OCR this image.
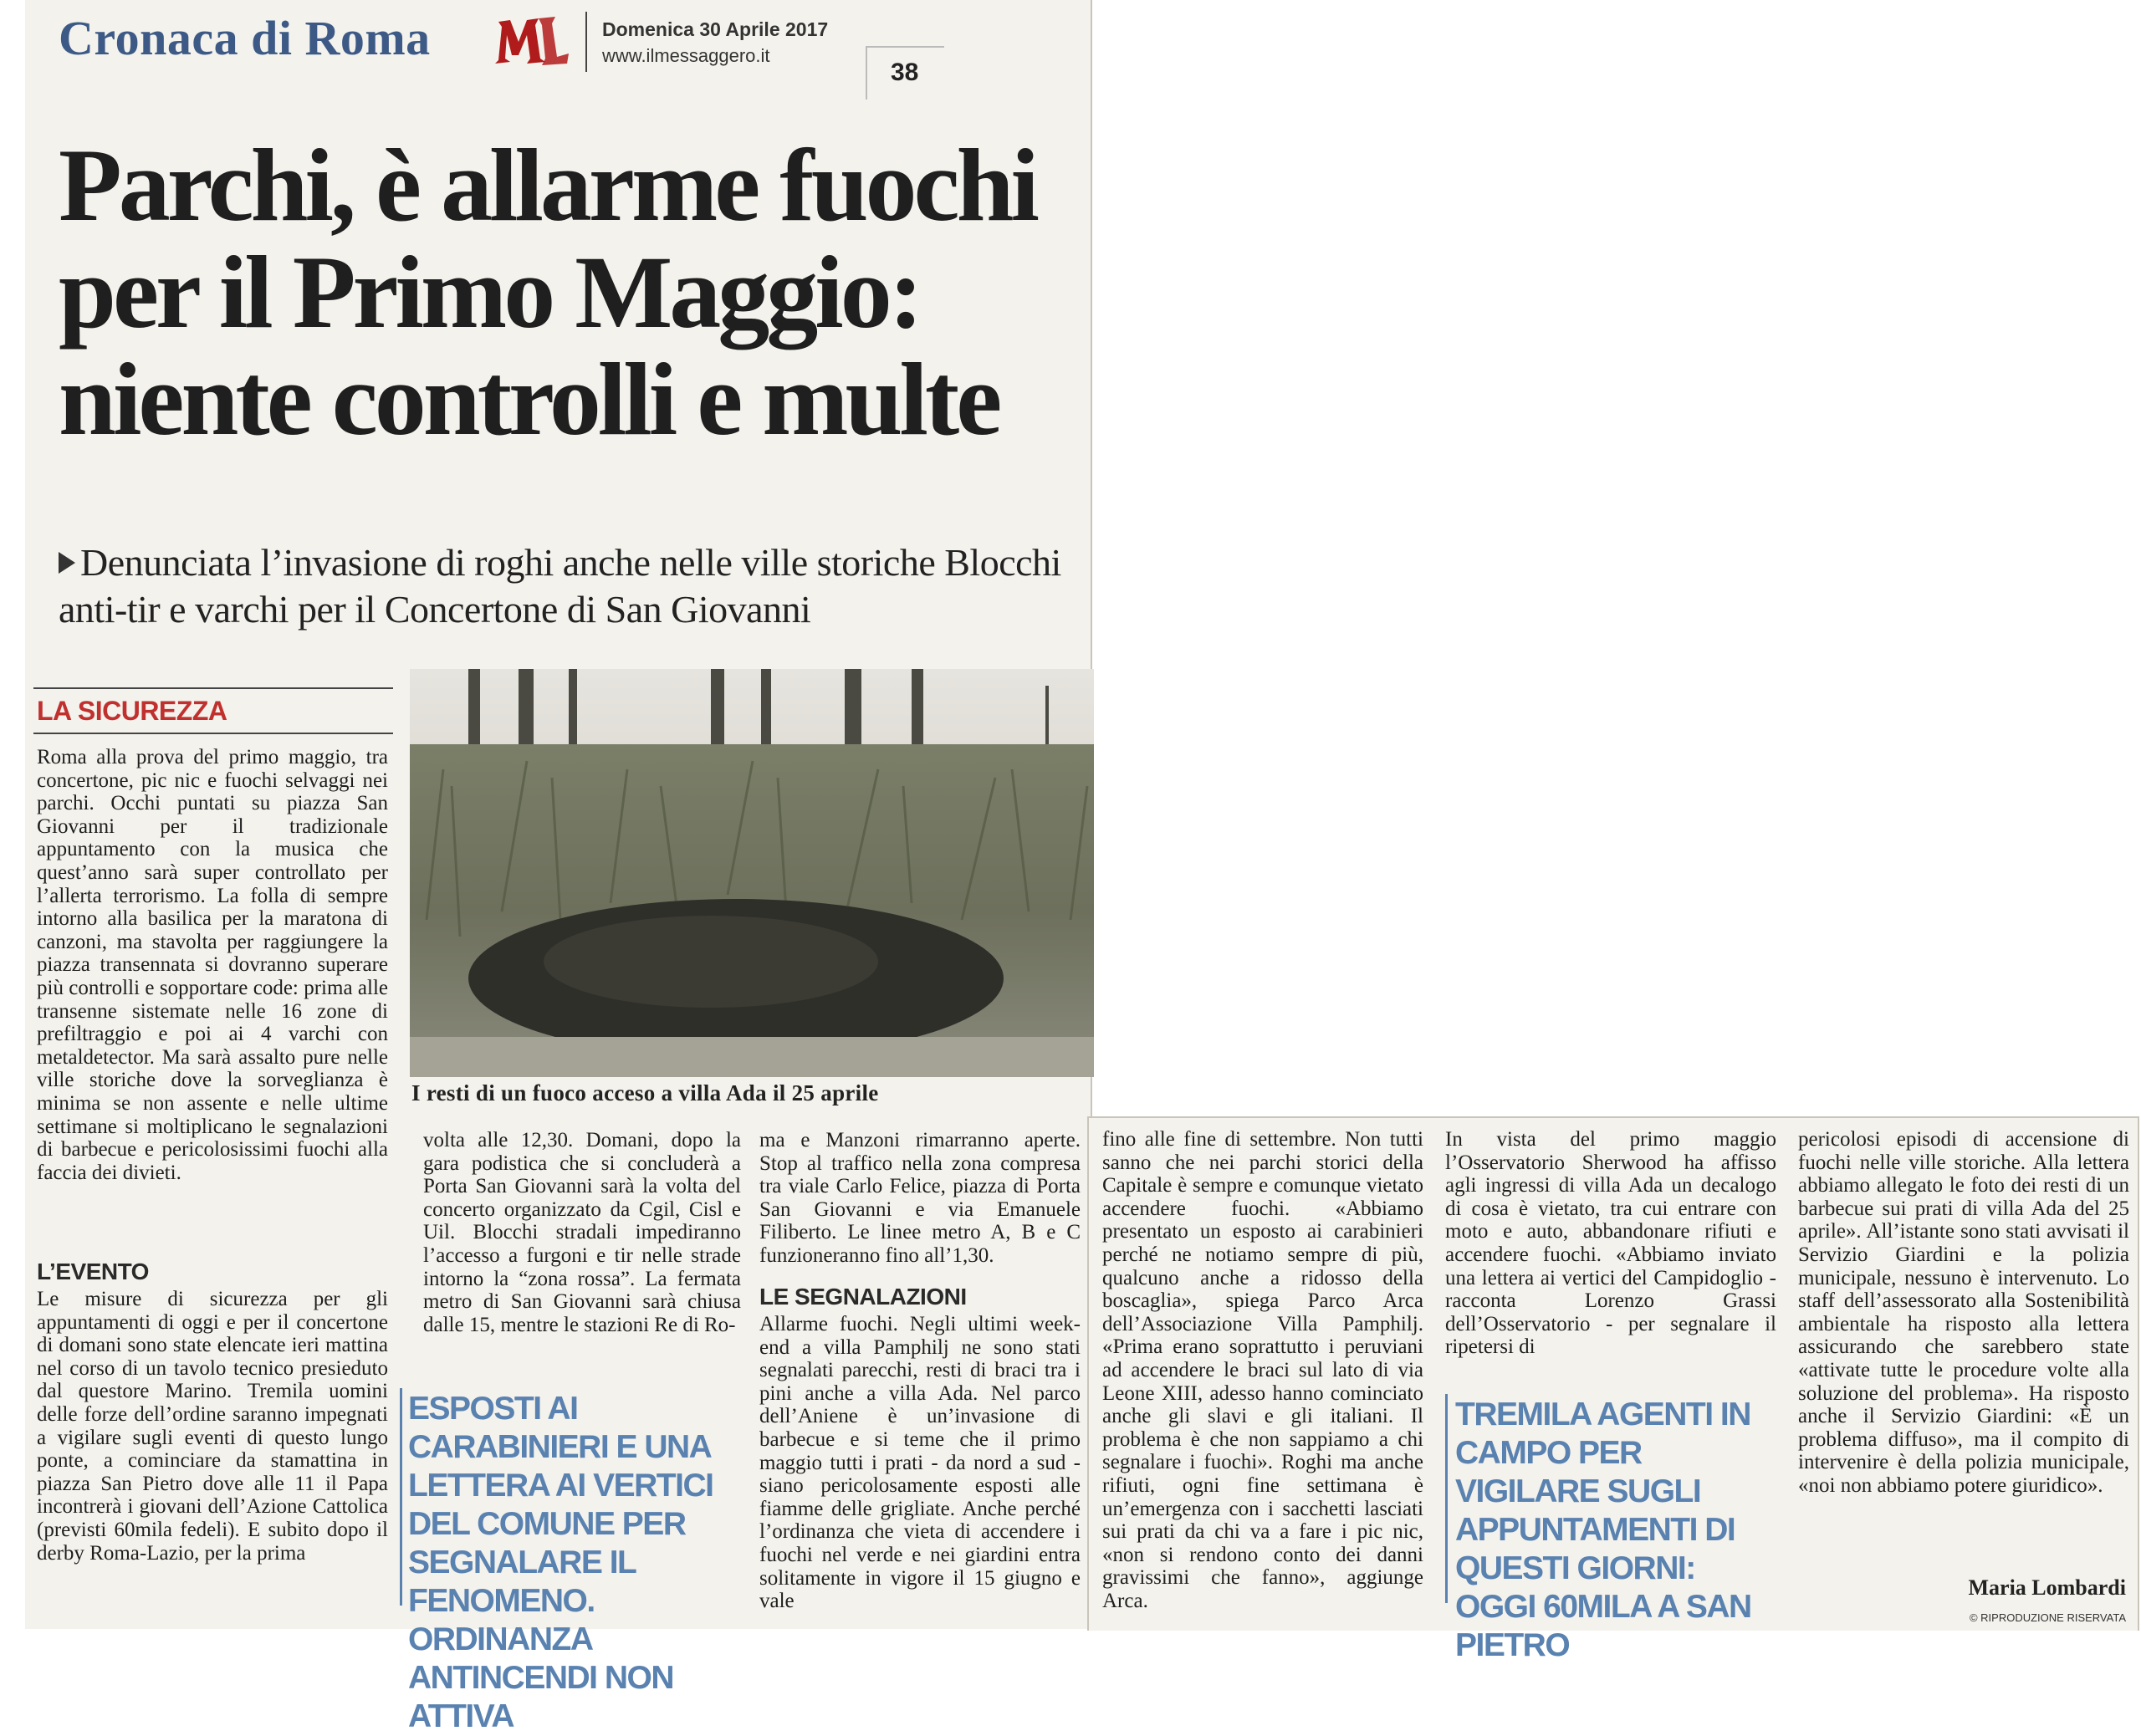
Cronaca di Roma	Domenica 30 Aprile 2017
www.ilmessaggero.it
38
Parchi, è allarme fuochi per il Primo Maggio: niente controlli e multe

Denunciata l’invasione di roghi anche nelle ville storiche Blocchi anti-tir e varchi per il Concertone di San Giovanni

LA SICUREZZA

Roma alla prova del primo maggio, tra concertone, pic nic e fuochi selvaggi nei parchi. Occhi puntati su piazza San Giovanni per il tradizionale appuntamento con la musica che quest’anno sarà super controllato per l’allerta terrorismo. La folla di sempre intorno alla basilica per la maratona di canzoni, ma stavolta per raggiungere la piazza transennata si dovranno superare più controlli e sopportare code: prima alle transenne sistemate nelle 16 zone di prefiltraggio e poi ai 4 varchi con metaldetector. Ma sarà assalto pure nelle ville storiche dove la sorveglianza è minima se non assente e nelle ultime settimane si moltiplicano le segnalazioni di barbecue e pericolosissimi fuochi alla faccia dei divieti.

L’EVENTO

Le misure di sicurezza per gli appuntamenti di oggi e per il concertone di domani sono state elencate ieri mattina nel corso di un tavolo tecnico presieduto dal questore Marino. Tremila uomini delle forze dell’ordine saranno impegnati a vigilare sugli eventi di questo lungo ponte, a cominciare da stamattina in piazza San Pietro dove alle 11 il Papa incontrerà i giovani dell’Azione Cattolica (previsti 60mila fedeli). E subito dopo il derby Roma-Lazio, per la prima

I resti di un fuoco acceso a villa Ada il 25 aprile

volta alle 12,30. Domani, dopo la gara podistica che si concluderà a Porta San Giovanni sarà la volta del concerto organizzato da Cgil, Cisl e Uil. Blocchi stradali impediranno l’accesso a furgoni e tir nelle strade intorno la “zona rossa”. La fermata metro di San Giovanni sarà chiusa dalle 15, mentre le stazioni Re di Ro-

ESPOSTI AI CARABINIERI E UNA LETTERA AI VERTICI DEL COMUNE PER SEGNALARE IL FENOMENO. ORDINANZA ANTINCENDI NON ATTIVA

ma e Manzoni rimarranno aperte. Stop al traffico nella zona compresa tra viale Carlo Felice, piazza di Porta San Giovanni e via Emanuele Filiberto. Le linee metro A, B e C funzioneranno fino all’1,30.

LE SEGNALAZIONI

Allarme fuochi. Negli ultimi week-end a villa Pamphilj ne sono stati segnalati parecchi, resti di braci tra i pini anche a villa Ada. Nel parco dell’Aniene è un’invasione di barbecue e si teme che il primo maggio tutti i prati - da nord a sud - siano pericolosamente esposti alle fiamme delle grigliate. Anche perché l’ordinanza che vieta di accendere i fuochi nel verde e nei giardini entra solitamente in vigore il 15 giugno e vale

fino alle fine di settembre. Non tutti sanno che nei parchi storici della Capitale è sempre e comunque vietato accendere fuochi. «Abbiamo presentato un esposto ai carabinieri perché ne notiamo sempre di più, qualcuno anche a ridosso della boscaglia», spiega Parco Arca dell’Associazione Villa Pamphilj. «Prima erano soprattutto i peruviani ad accendere le braci sul lato di via Leone XIII, adesso hanno cominciato anche gli slavi e gli italiani. Il problema è che non sappiamo a chi segnalare i fuochi». Roghi ma anche rifiuti, ogni fine settimana è un’emergenza con i sacchetti lasciati sui prati da chi va a fare i pic nic, «non si rendono conto dei danni gravissimi che fanno», aggiunge Arca.

In vista del primo maggio l’Osservatorio Sherwood ha affisso agli ingressi di villa Ada un decalogo di cosa è vietato, tra cui entrare con moto e auto, abbandonare rifiuti e accendere fuochi. «Abbiamo inviato una lettera ai vertici del Campidoglio - racconta Lorenzo Grassi dell’Osservatorio - per segnalare il ripetersi di

TREMILA AGENTI IN CAMPO PER VIGILARE SUGLI APPUNTAMENTI DI QUESTI GIORNI: OGGI 60MILA A SAN PIETRO

pericolosi episodi di accensione di fuochi nelle ville storiche. Alla lettera abbiamo allegato le foto dei resti di un barbecue sui prati di villa Ada del 25 aprile». All’istante sono stati avvisati il Servizio Giardini e la polizia municipale, nessuno è intervenuto. Lo staff dell’assessorato alla Sostenibilità ambientale ha risposto alla lettera assicurando che sarebbero state «attivate tutte le procedure volte alla soluzione del problema». Ha risposto anche il Servizio Giardini: «È un problema diffuso», ma il compito di intervenire è della polizia municipale, «noi non abbiamo potere giuridico».

Maria Lombardi
© RIPRODUZIONE RISERVATA
